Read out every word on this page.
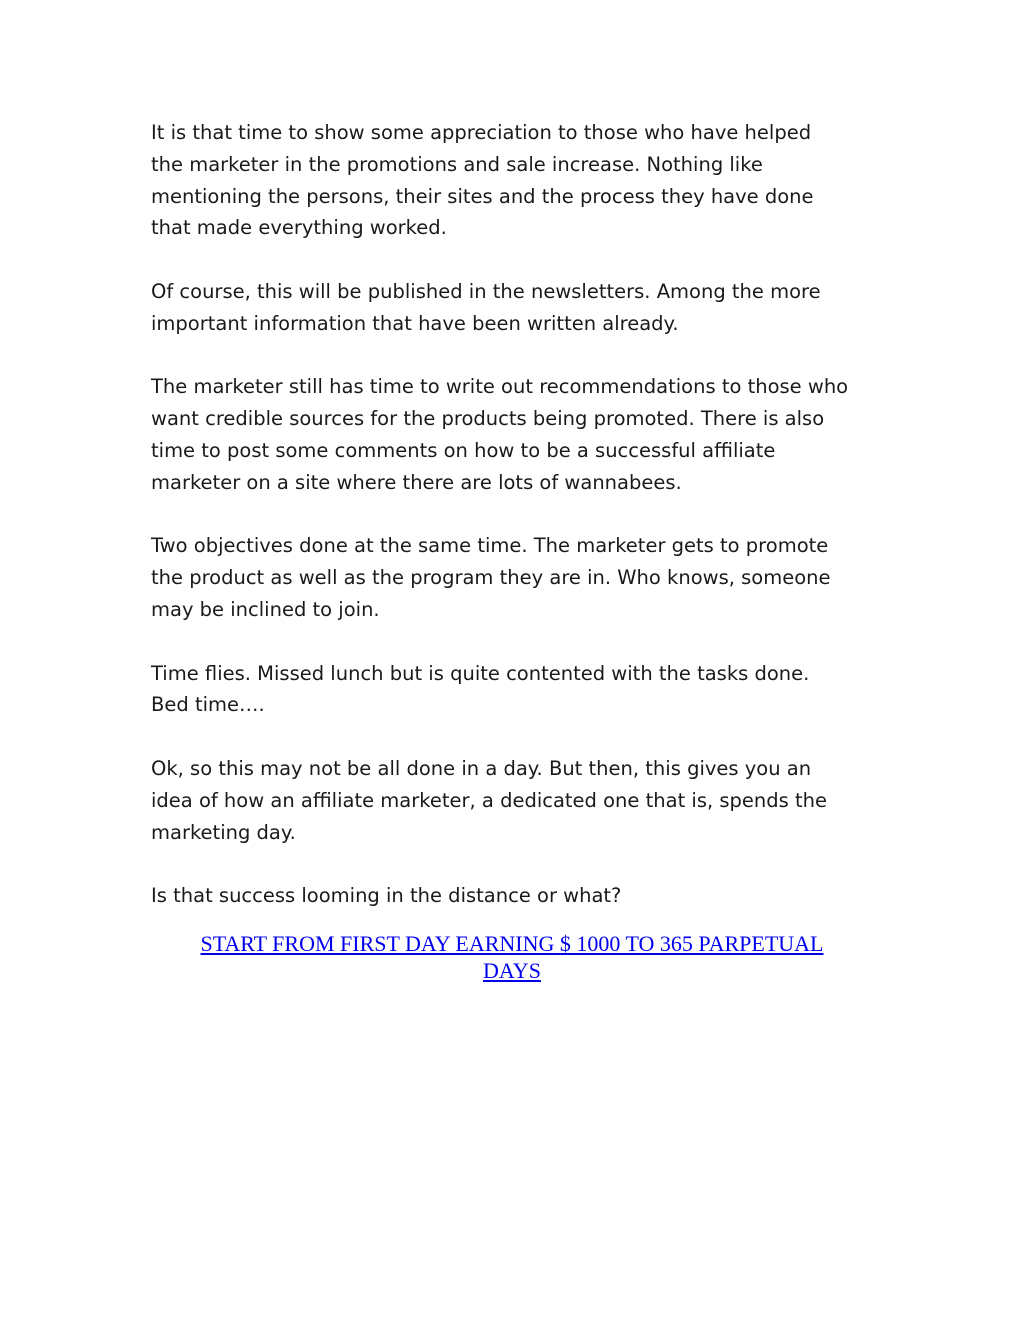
It is that time to show some appreciation to those who have helped
the marketer in the promotions and sale increase. Nothing like
mentioning the persons, their sites and the process they have done
that made everything worked.

Of course, this will be published in the newsletters. Among the more
important information that have been written already.

The marketer still has time to write out recommendations to those who
want credible sources for the products being promoted. There is also
time to post some comments on how to be a successful affiliate
marketer on a site where there are lots of wannabees.

Two objectives done at the same time. The marketer gets to promote
the product as well as the program they are in. Who knows, someone
may be inclined to join.

Time flies. Missed lunch but is quite contented with the tasks done.
Bed time….

Ok, so this may not be all done in a day. But then, this gives you an
idea of how an affiliate marketer, a dedicated one that is, spends the
marketing day.

Is that success looming in the distance or what?

START FROM FIRST DAY EARNING $ 1000 TO 365 PARPETUAL
DAYS
